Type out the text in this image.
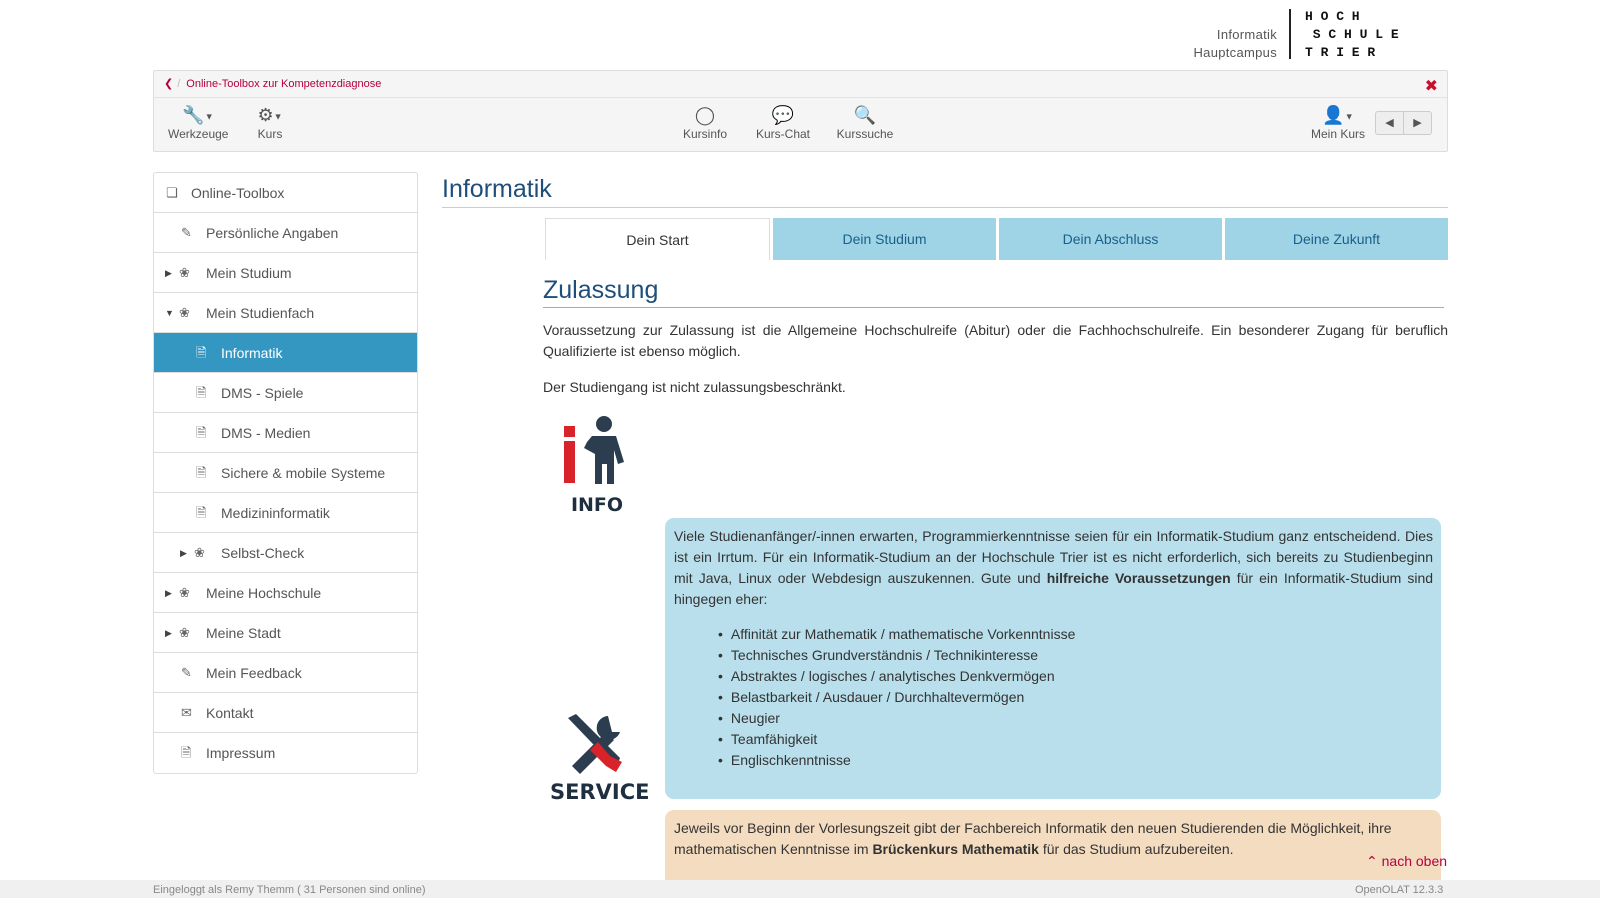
Informatik
Hauptcampus
H O C H
S C H U L E
T R I E R
❮ / Online-Toolbox zur Kompetenzdiagnose	✖
🔧▼
Werkzeuge
⚙▼
Kurs
◯
Kursinfo
💬
Kurs-Chat
🔍
Kurssuche
👤▼
Mein Kurs
◀	▶
❏ Online-Toolbox
✎ Persönliche Angaben
▶ ❀ Mein Studium
▼ ❀ Mein Studienfach
🗎 Informatik
🗎 DMS - Spiele
🗎 DMS - Medien
🗎 Sichere & mobile Systeme
🗎 Medizininformatik
▶ ❀ Selbst-Check
▶ ❀ Meine Hochschule
▶ ❀ Meine Stadt
✎ Mein Feedback
✉ Kontakt
🗎 Impressum
Informatik
Dein Start	Dein Studium	Dein Abschluss	Deine Zukunft
Zulassung

Voraussetzung zur Zulassung ist die Allgemeine Hochschulreife (Abitur) oder die Fachhochschulreife. Ein besonderer Zugang für beruflich Qualifizierte ist ebenso möglich.

Der Studiengang ist nicht zulassungsbeschränkt.

Viele Studienanfänger/-innen erwarten, Programmierkenntnisse seien für ein Informatik-Studium ganz entscheidend. Dies ist ein Irrtum. Für ein Informatik-Studium an der Hochschule Trier ist es nicht erforderlich, sich bereits zu Studienbeginn mit Java, Linux oder Webdesign auszukennen. Gute und hilfreiche Voraussetzungen für ein Informatik-Studium sind hingegen eher:
• Affinität zur Mathematik / mathematische Vorkenntnisse
• Technisches Grundverständnis / Technikinteresse
• Abstraktes / logisches / analytisches Denkvermögen
• Belastbarkeit / Ausdauer / Durchhaltevermögen
• Neugier
• Teamfähigkeit
• Englischkenntnisse
Jeweils vor Beginn der Vorlesungszeit gibt der Fachbereich Informatik den neuen Studierenden die Möglichkeit, ihre mathematischen Kenntnisse im Brückenkurs Mathematik für das Studium aufzubereiten.
INFO
SERVICE
⌃ nach oben
Eingeloggt als Remy Themm ( 31 Personen sind online)	OpenOLAT 12.3.3
